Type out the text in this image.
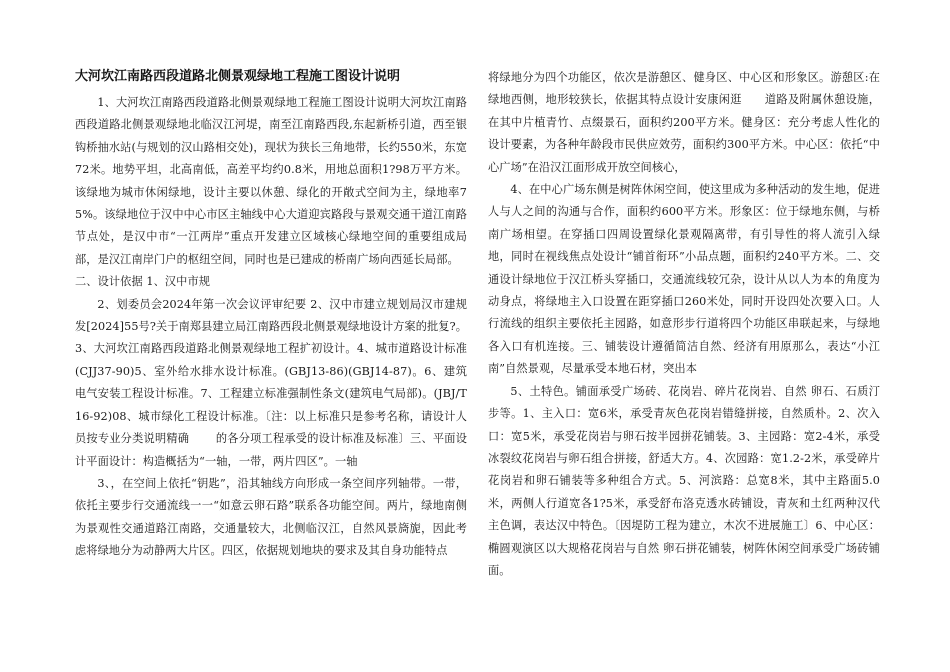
大河坎江南路西段道路北侧景观绿地工程施工图设计说明

1、大河坎江南路西段道路北侧景观绿地工程施工图设计说明大河坎江南路西段道路北侧景观绿地北临汉江河堤，南至江南路西段,东起新桥引道，西至银钩桥抽水站(与规划的汉山路相交处)，现状为狭长三角地带，长约550米，东宽72米。地势平坦，北高南低，高差平均约0.8米，用地总面积1?98万平方米。该绿地为城市休闲绿地，设计主要以休憩、绿化的开敞式空间为主，绿地率75%。该绿地位于汉中中心市区主轴线中心大道迎宾路段与景观交通干道江南路节点处，是汉中市“一江两岸”重点开发建立区域核心绿地空间的重要组成局部，是汉江南岸门户的枢纽空间，同时也是已建成的桥南广场向西延长局部。

二、设计依据 1、汉中市规

2、划委员会2024年第一次会议评审纪要 2、汉中市建立规划局汉市建规发[2024]55号?关于南郑县建立局江南路西段北侧景观绿地设计方案的批复?。3、大河坎江南路西段道路北侧景观绿地工程扩初设计。4、城市道路设计标准(CJJ37-90)5、室外给水排水设计标准。(GBJ13-86)(GBJ14-87)。6、建筑电气安装工程设计标准。7、工程建立标准强制性条文(建筑电气局部)。(JBJ/T16-92)08、城市绿化工程设计标准。〔注：以上标准只是参考名称，请设计人员按专业分类说明精确 　　的各分项工程承受的设计标准及标准〕三、平面设计平面设计：构造概括为“一轴，一带，两片四区”。一轴

3、，在空间上依托“钥匙”，沿其轴线方向形成一条空间序列轴带。一带，依托主要步行交通流线一一“如意云卵石路”联系各功能空间。两片，绿地南侧为景观性交通道路江南路，交通量较大，北侧临汉江，自然风景旖旎，因此考虑将绿地分为动静两大片区。四区，依据规划地块的要求及其自身功能特点

将绿地分为四个功能区，依次是游憩区、健身区、中心区和形象区。游憩区:在绿地西侧，地形较狭长，依据其特点设计安康闲逛　　道路及附属休憩设施，在其中片植青竹、点缀景石，面积约200平方米。健身区：充分考虑人性化的设计要素，为各种年龄段市民供应效劳，面积约300平方米。中心区：依托“中心广场”在沿汉江面形成开放空间核心，

4、在中心广场东侧是树阵休闲空间，使这里成为多种活动的发生地，促进人与人之间的沟通与合作，面积约600平方米。形象区：位于绿地东侧，与桥南广场相望。在穿插口四周设置绿化景观隔离带，有引导性的将人流引入绿地，同时在视线焦点处设计“铺首衔环”小品点题，面积约240平方米。二、交通设计绿地位于汉江桥头穿插口，交通流线较冗杂，设计从以人为本的角度为动身点，将绿地主入口设置在距穿插口260米处，同时开设四处次要入口。人行流线的组织主要依托主园路，如意形步行道将四个功能区串联起来，与绿地各入口有机连接。三、铺装设计遵循简洁自然、经济有用原那么，表达“小江南”自然景观，尽量承受本地石材，突出本

5、土特色。铺面承受广场砖、花岗岩、碎片花岗岩、自然 卵石、石质汀步等。1、主入口：宽6米，承受青灰色花岗岩错缝拼接，自然质朴。2、次入口：宽5米，承受花岗岩与卵石按半园拼花铺装。3、主园路：宽2-4米，承受冰裂纹花岗岩与卵石组合拼接，舒适大方。4、次园路：宽1.2-2米，承受碎片花岗岩和卵石铺装等多种组合方式。5、河滨路：总宽8米，其中主路面5.0米，两侧人行道宽各1?5米，承受舒布洛克透水砖铺设，青灰和土红两种汉代主色调，表达汉中特色。〔因堤防工程为建立，木次不进展施工〕6、中心区：椭圆观演区以大规格花岗岩与自然 卵石拼花铺装，树阵休闲空间承受广场砖铺面。
